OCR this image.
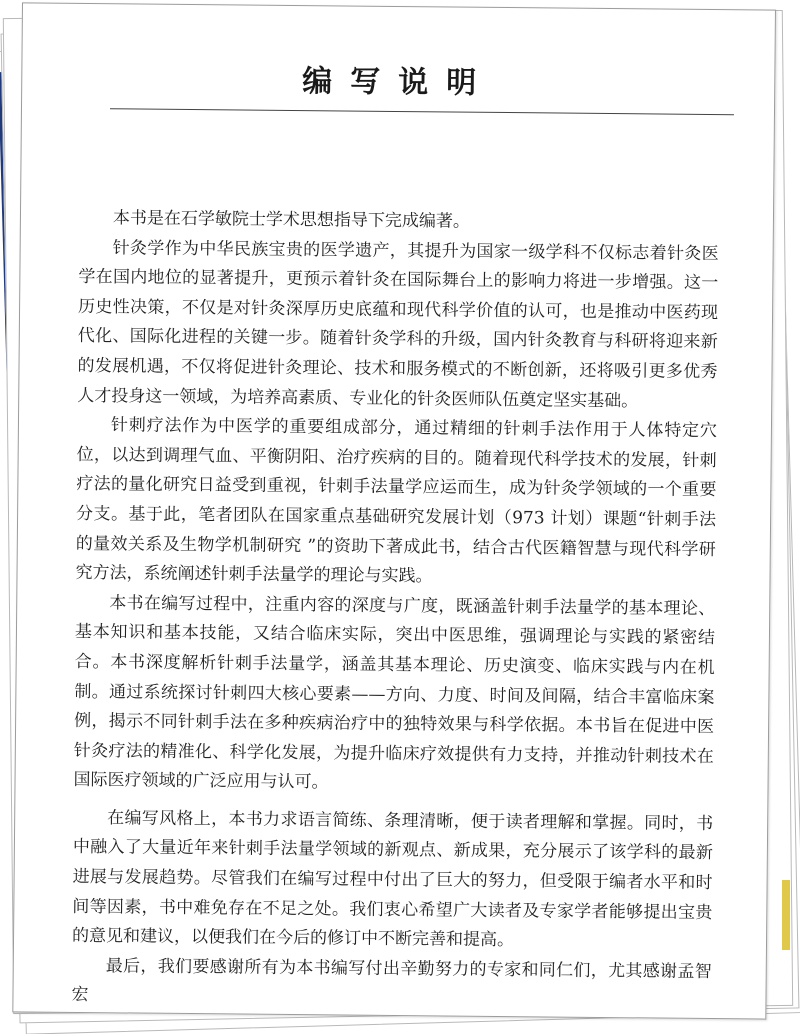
编写说明

本书是在石学敏院士学术思想指导下完成编著。

针灸学作为中华民族宝贵的医学遗产，其提升为国家一级学科不仅标志着针灸医学在国内地位的显著提升，更预示着针灸在国际舞台上的影响力将进一步增强。这一历史性决策，不仅是对针灸深厚历史底蕴和现代科学价值的认可，也是推动中医药现代化、国际化进程的关键一步。随着针灸学科的升级，国内针灸教育与科研将迎来新的发展机遇，不仅将促进针灸理论、技术和服务模式的不断创新，还将吸引更多优秀人才投身这一领域，为培养高素质、专业化的针灸医师队伍奠定坚实基础。

针刺疗法作为中医学的重要组成部分，通过精细的针刺手法作用于人体特定穴位，以达到调理气血、平衡阴阳、治疗疾病的目的。随着现代科学技术的发展，针刺疗法的量化研究日益受到重视，针刺手法量学应运而生，成为针灸学领域的一个重要分支。基于此，笔者团队在国家重点基础研究发展计划（973 计划）课题“针刺手法的量效关系及生物学机制研究 ”的资助下著成此书，结合古代医籍智慧与现代科学研究方法，系统阐述针刺手法量学的理论与实践。

本书在编写过程中，注重内容的深度与广度，既涵盖针刺手法量学的基本理论、基本知识和基本技能，又结合临床实际，突出中医思维，强调理论与实践的紧密结合。本书深度解析针刺手法量学，涵盖其基本理论、历史演变、临床实践与内在机制。通过系统探讨针刺四大核心要素——方向、力度、时间及间隔，结合丰富临床案例，揭示不同针刺手法在多种疾病治疗中的独特效果与科学依据。本书旨在促进中医针灸疗法的精准化、科学化发展，为提升临床疗效提供有力支持，并推动针刺技术在国际医疗领域的广泛应用与认可。

在编写风格上，本书力求语言简练、条理清晰，便于读者理解和掌握。同时，书中融入了大量近年来针刺手法量学领域的新观点、新成果，充分展示了该学科的最新进展与发展趋势。尽管我们在编写过程中付出了巨大的努力，但受限于编者水平和时间等因素，书中难免存在不足之处。我们衷心希望广大读者及专家学者能够提出宝贵的意见和建议，以便我们在今后的修订中不断完善和提高。

最后，我们要感谢所有为本书编写付出辛勤努力的专家和同仁们，尤其感谢孟智宏
